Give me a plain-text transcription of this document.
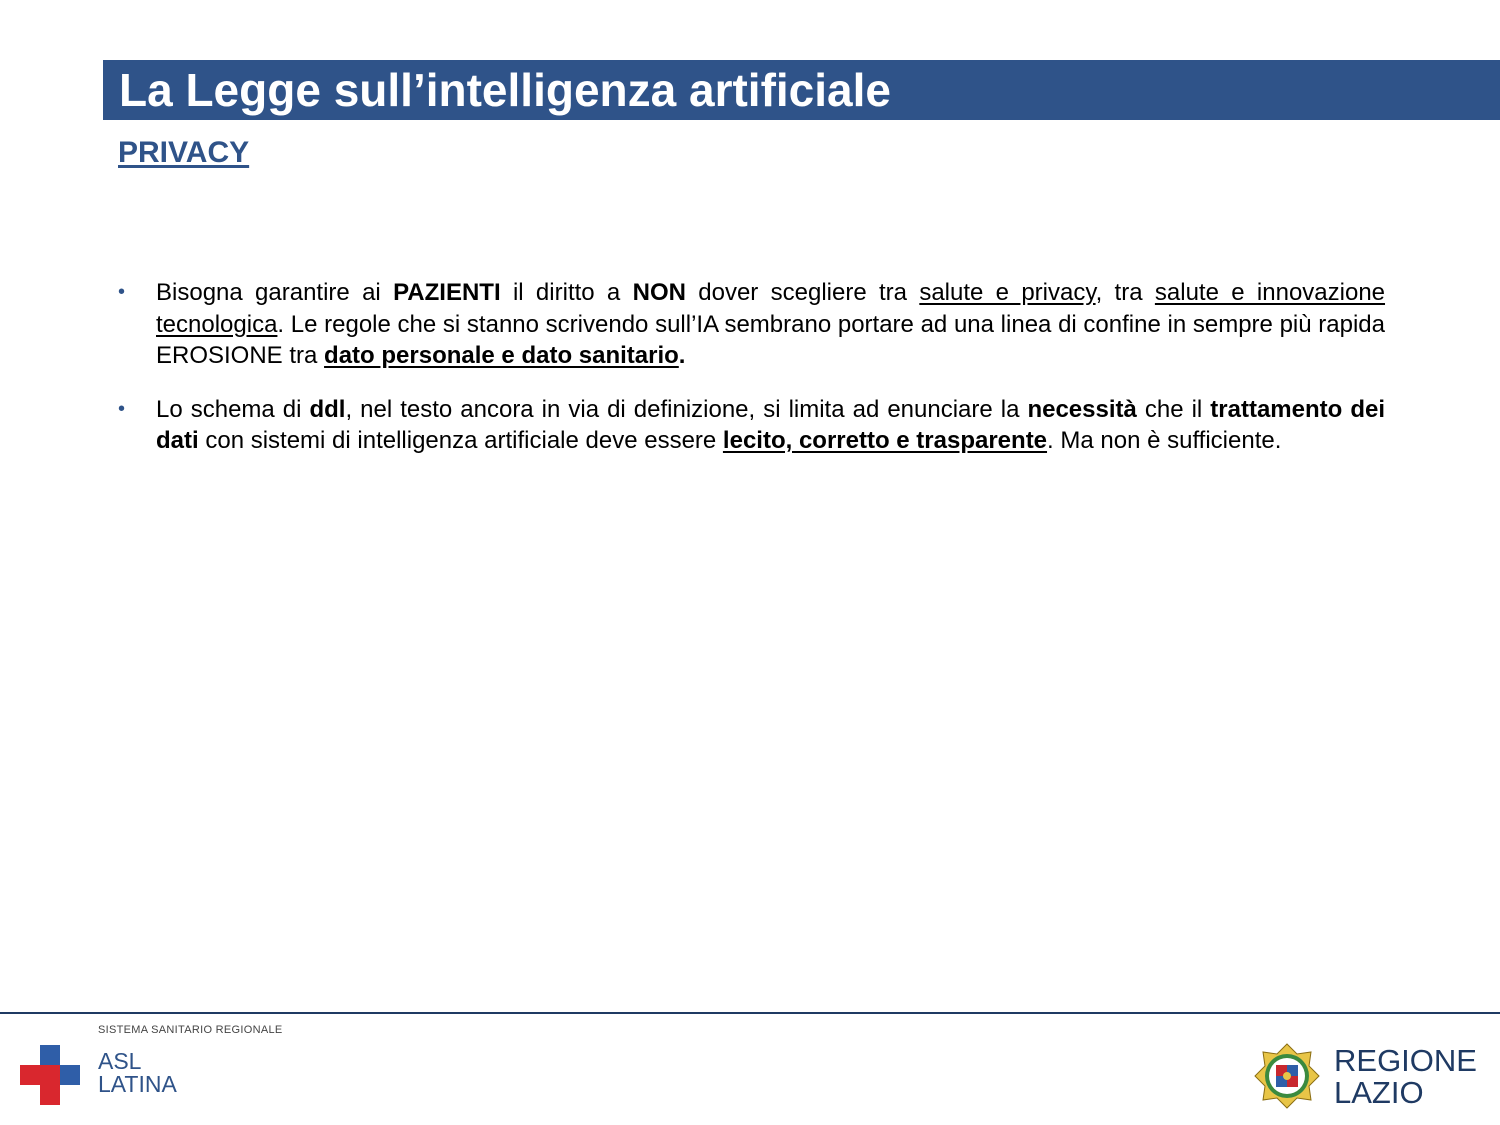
La Legge sull’intelligenza artificiale
PRIVACY
• Bisogna garantire ai PAZIENTI il diritto a NON dover scegliere tra salute e privacy, tra salute e innovazione tecnologica. Le regole che si stanno scrivendo sull’IA sembrano portare ad una linea di confine in sempre più rapida EROSIONE tra dato personale e dato sanitario.
• Lo schema di ddl, nel testo ancora in via di definizione, si limita ad enunciare la necessità che il trattamento dei dati con sistemi di intelligenza artificiale deve essere lecito, corretto e trasparente. Ma non è sufficiente.
SISTEMA SANITARIO REGIONALE
ASL
LATINA
REGIONE
LAZIO
